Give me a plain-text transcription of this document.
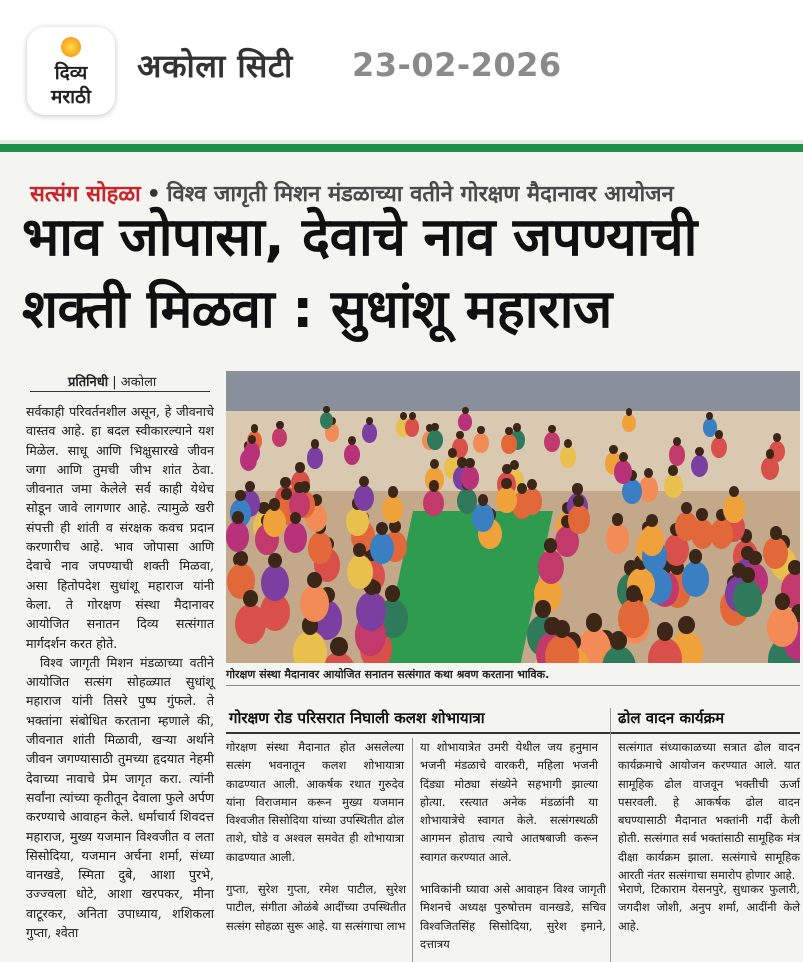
दिव्य
मराठी
अकोला सिटी 23-02-2026
सत्संग सोहळा • विश्व जागृती मिशन मंडळाच्या वतीने गोरक्षण मैदानावर आयोजन
भाव जोपासा, देवाचे नाव जपण्याची शक्ती मिळवा : सुधांशू महाराज
प्रतिनिधी | अकोला

सर्वकाही परिवर्तनशील असून, हे जीवनाचे वास्तव आहे. हा बदल स्वीकारल्याने यश मिळेल. साधू आणि भिक्षुसारखे जीवन जगा आणि तुमची जीभ शांत ठेवा. जीवनात जमा केलेले सर्व काही येथेच सोडून जावे लागणार आहे. त्यामुळे खरी संपत्ती ही शांती व संरक्षक कवच प्रदान करणारीच आहे. भाव जोपासा आणि देवाचे नाव जपण्याची शक्ती मिळवा, असा हितोपदेश सुधांशू महाराज यांनी केला. ते गोरक्षण संस्था मैदानावर आयोजित सनातन दिव्य सत्संगात मार्गदर्शन करत होते.

विश्व जागृती मिशन मंडळाच्या वतीने आयोजित सत्संग सोहळ्यात सुधांशू महाराज यांनी तिसरे पुष्प गुंफले. ते भक्तांना संबोधित करताना म्हणाले की, जीवनात शांती मिळावी, खऱ्या अर्थाने जीवन जगण्यासाठी तुमच्या हृदयात नेहमी देवाच्या नावाचे प्रेम जागृत करा. त्यांनी सर्वांना त्यांच्या कृतीतून देवाला फुले अर्पण करण्याचे आवाहन केले. धर्माचार्य शिवदत्त महाराज, मुख्य यजमान विश्वजीत व लता सिसोदिया, यजमान अर्चना शर्मा, संध्या वानखडे, स्मिता दुबे, आशा पुरभे, उज्ज्वला धोटे, आशा खरपकर, मीना वाटूरकर, अनिता उपाध्याय, शशिकला गुप्ता, श्वेता

गोरक्षण संस्था मैदानावर आयोजित सनातन सत्संगात कथा श्रवण करताना भाविक.
गोरक्षण रोड परिसरात निघाली कलश शोभायात्रा	ढोल वादन कार्यक्रम
गोरक्षण संस्था मैदानात होत असलेल्या सत्संग भवनातून कलश शोभायात्रा काढण्यात आली. आकर्षक रथात गुरुदेव यांना विराजमान करून मुख्य यजमान विश्वजीत सिसोदिया यांच्या उपस्थितीत ढोल ताशे, घोडे व अश्वल समवेत ही शोभायात्रा काढण्यात आली.
या शोभायात्रेत उमरी येथील जय हनुमान भजनी मंडळाचे वारकरी, महिला भजनी दिंड्या मोठ्या संख्येने सहभागी झाल्या होत्या. रस्त्यात अनेक मंडळांनी या शोभायात्रेचे स्वागत केले. सत्संगस्थळी आगमन होताच त्याचे आतषबाजी करून स्वागत करण्यात आले.
सत्संगात संध्याकाळच्या सत्रात ढोल वादन कार्यक्रमाचे आयोजन करण्यात आले. यात सामूहिक ढोल वाजवून भक्तीची ऊर्जा पसरवली. हे आकर्षक ढोल वादन बघण्यासाठी मैदानात भक्तांनी गर्दी केली होती. सत्संगात सर्व भक्तांसाठी सामूहिक मंत्र दीक्षा कार्यक्रम झाला. सत्संगाचे सामूहिक आरती नंतर सत्संगाचा समारोप होणार आहे.
गुप्ता, सुरेश गुप्ता, रमेश पाटील, सुरेश पाटील, संगीता ओळंबे आदींच्या उपस्थितीत सत्संग सोहळा सुरू आहे. या सत्संगाचा लाभ
भाविकांनी घ्यावा असे आवाहन विश्व जागृती मिशनचे अध्यक्ष पुरुषोत्तम वानखडे, सचिव विश्वजितसिंह सिसोदिया, सुरेश इमाने, दत्तात्रय
भेराणे, टिकाराम येसनपुरे, सुधाकर फुलारी, जगदीश जोशी, अनुप शर्मा, आदींनी केले आहे.
